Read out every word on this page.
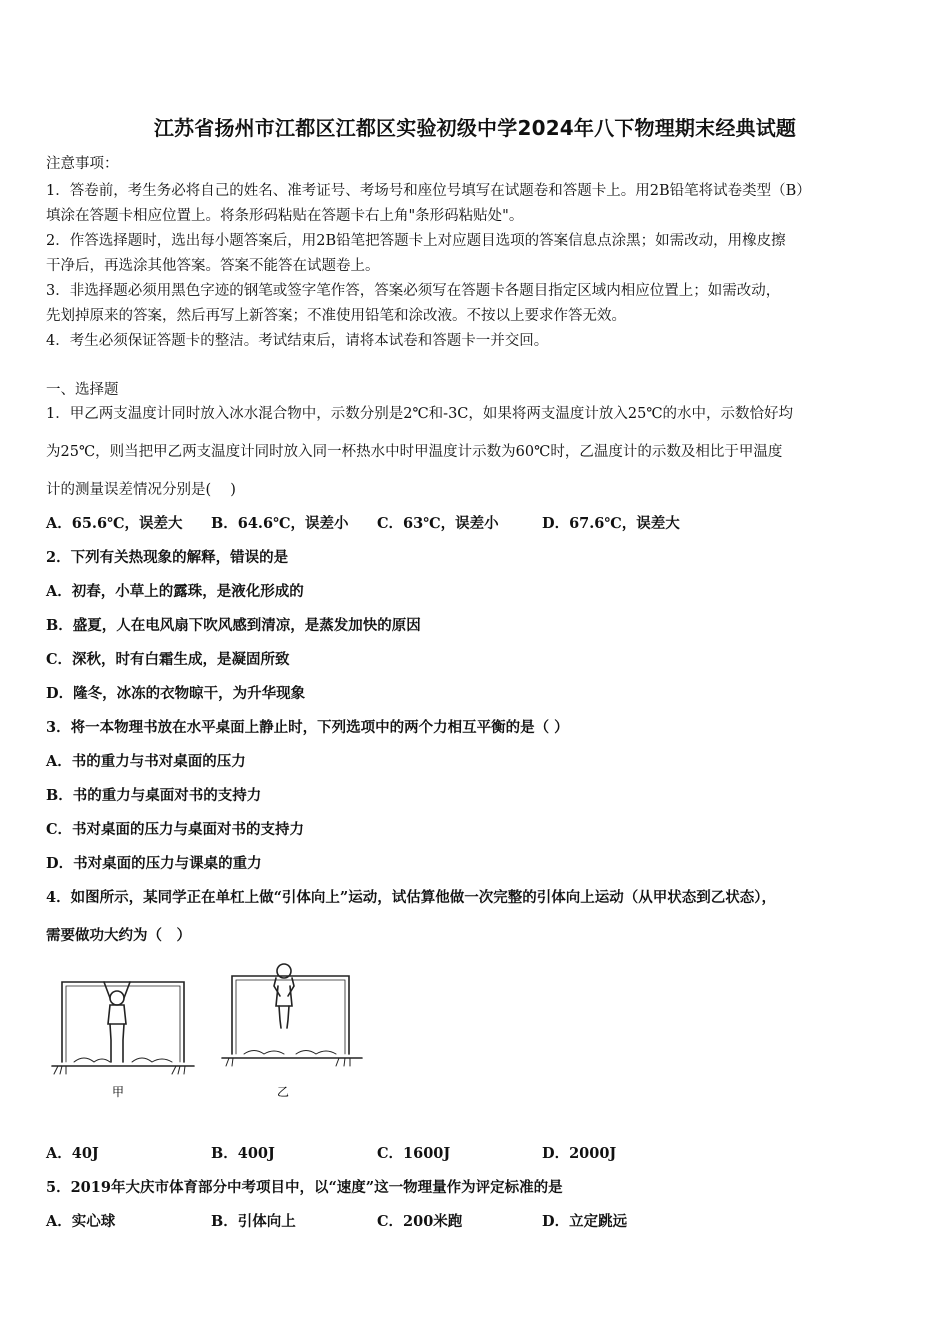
江苏省扬州市江都区江都区实验初级中学2024年八下物理期末经典试题
注意事项：
1．答卷前，考生务必将自己的姓名、准考证号、考场号和座位号填写在试题卷和答题卡上。用2B铅笔将试卷类型（B）
填涂在答题卡相应位置上。将条形码粘贴在答题卡右上角"条形码粘贴处"。
2．作答选择题时，选出每小题答案后，用2B铅笔把答题卡上对应题目选项的答案信息点涂黑；如需改动，用橡皮擦
干净后，再选涂其他答案。答案不能答在试题卷上。
3．非选择题必须用黑色字迹的钢笔或签字笔作答，答案必须写在答题卡各题目指定区域内相应位置上；如需改动，
先划掉原来的答案，然后再写上新答案；不准使用铅笔和涂改液。不按以上要求作答无效。
4．考生必须保证答题卡的整洁。考试结束后，请将本试卷和答题卡一并交回。
一、选择题
1．甲乙两支温度计同时放入冰水混合物中，示数分别是2℃和-3C，如果将两支温度计放入25℃的水中，示数恰好均
为25℃，则当把甲乙两支温度计同时放入同一杯热水中时甲温度计示数为60℃时，乙温度计的示数及相比于甲温度
计的测量误差情况分别是(　 )
A．65.6℃，误差大 B．64.6℃，误差小 C．63℃，误差小	D．67.6℃，误差大
2．下列有关热现象的解释，错误的是
A．初春，小草上的露珠，是液化形成的
B．盛夏，人在电风扇下吹风感到清凉，是蒸发加快的原因
C．深秋，时有白霜生成，是凝固所致
D．隆冬，冰冻的衣物晾干，为升华现象
3．将一本物理书放在水平桌面上静止时，下列选项中的两个力相互平衡的是（ ）
A．书的重力与书对桌面的压力
B．书的重力与桌面对书的支持力
C．书对桌面的压力与桌面对书的支持力
D．书对桌面的压力与课桌的重力
4．如图所示，某同学正在单杠上做“引体向上”运动，试估算他做一次完整的引体向上运动（从甲状态到乙状态），
需要做功大约为（　）
甲	乙
A．40J	B．400J	C．1600J	D．2000J
5．2019年大庆市体育部分中考项目中，以“速度”这一物理量作为评定标准的是
A．实心球	B．引体向上	C．200米跑	D．立定跳远
